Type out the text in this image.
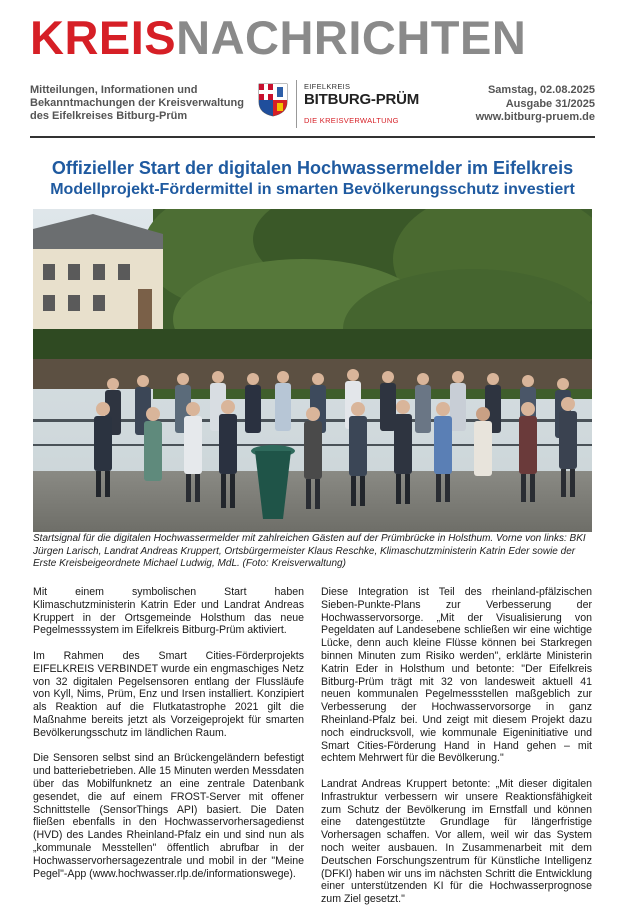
KREISNACHRICHTEN
Mitteilungen, Informationen und
Bekanntmachungen der Kreisverwaltung
des Eifelkreises Bitburg-Prüm
EIFELKREIS
BITBURG-PRÜM
DIE KREISVERWALTUNG
Samstag, 02.08.2025
Ausgabe 31/2025
www.bitburg-pruem.de
Offizieller Start der digitalen Hochwassermelder im Eifelkreis
Modellprojekt-Fördermittel in smarten Bevölkerungsschutz investiert
Startsignal für die digitalen Hochwassermelder mit zahlreichen Gästen auf der Prümbrücke in Holsthum. Vorne von links: BKI Jürgen Larisch, Landrat Andreas Kruppert, Ortsbürgermeister Klaus Reschke, Klimaschutzministerin Katrin Eder sowie der Erste Kreisbeigeordnete Michael Ludwig, MdL. (Foto: Kreisverwaltung)

Mit einem symbolischen Start haben Klimaschutzministerin Katrin Eder und Landrat Andreas Kruppert in der Ortsgemeinde Holsthum das neue Pegelmesssystem im Eifelkreis Bitburg-Prüm aktiviert.

Im Rahmen des Smart Cities-Förderprojekts EIFELKREIS VERBINDET wurde ein engmaschiges Netz von 32 digitalen Pegelsensoren entlang der Flussläufe von Kyll, Nims, Prüm, Enz und Irsen installiert. Konzipiert als Reaktion auf die Flutkatastrophe 2021 gilt die Maßnahme bereits jetzt als Vorzeigeprojekt für smarten Bevölkerungsschutz im ländlichen Raum.

Die Sensoren selbst sind an Brückengeländern befestigt und batteriebetrieben. Alle 15 Minuten werden Messdaten über das Mobilfunknetz an eine zentrale Datenbank gesendet, die auf einem FROST-Server mit offener Schnittstelle (SensorThings API) basiert. Die Daten fließen ebenfalls in den Hochwasservorhersagedienst (HVD) des Landes Rheinland-Pfalz ein und sind nun als „kommunale Messtellen" öffentlich abrufbar in der Hochwasservorhersagezentrale und mobil in der "Meine Pegel"-App (www.hochwasser.rlp.de/informationswege).

Diese Integration ist Teil des rheinland-pfälzischen Sieben-Punkte-Plans zur Verbesserung der Hochwasservorsorge. „Mit der Visualisierung von Pegeldaten auf Landesebene schließen wir eine wichtige Lücke, denn auch kleine Flüsse können bei Starkregen binnen Minuten zum Risiko werden", erklärte Ministerin Katrin Eder in Holsthum und betonte: "Der Eifelkreis Bitburg-Prüm trägt mit 32 von landesweit aktuell 41 neuen kommunalen Pegelmessstellen maßgeblich zur Verbesserung der Hochwasservorsorge in ganz Rheinland-Pfalz bei. Und zeigt mit diesem Projekt dazu noch eindrucksvoll, wie kommunale Eigeninitiative und Smart Cities-Förderung Hand in Hand gehen – mit echtem Mehrwert für die Bevölkerung."

Landrat Andreas Kruppert betonte: „Mit dieser digitalen Infrastruktur verbessern wir unsere Reaktionsfähigkeit zum Schutz der Bevölkerung im Ernstfall und können eine datengestützte Grundlage für längerfristige Vorhersagen schaffen. Vor allem, weil wir das System noch weiter ausbauen. In Zusammenarbeit mit dem Deutschen Forschungszentrum für Künstliche Intelligenz (DFKI) haben wir uns im nächsten Schritt die Entwicklung einer unterstützenden KI für die Hochwasserprognose zum Ziel gesetzt."
